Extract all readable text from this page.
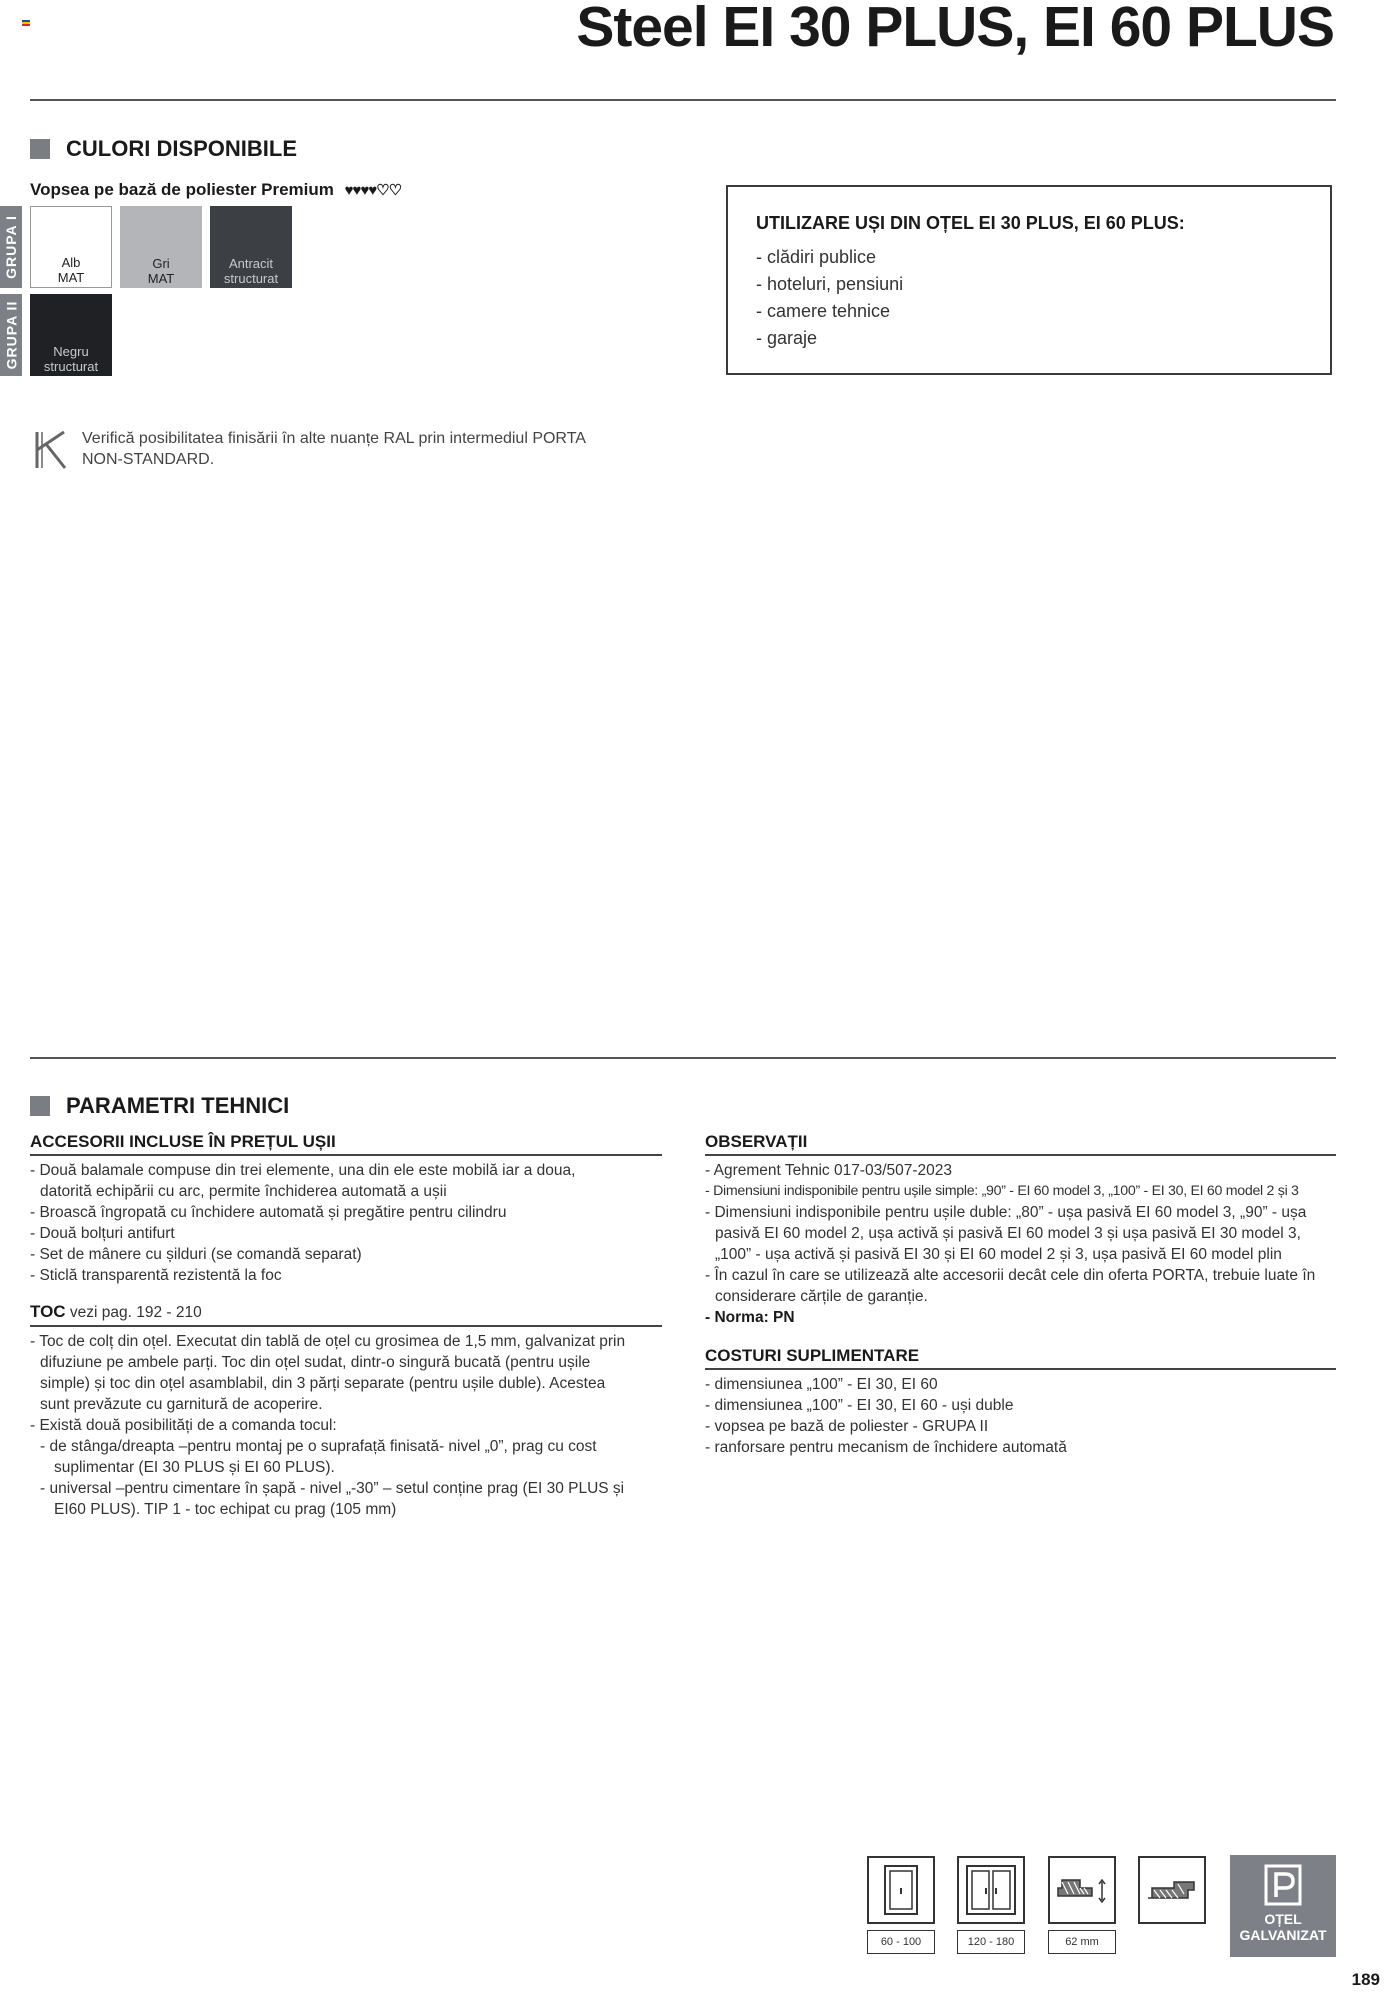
Steel EI 30 PLUS, EI 60 PLUS
CULORI DISPONIBILE
Vopsea pe bază de poliester Premium ♥♥♥♥♡♡
GRUPA I
GRUPA II
Alb
MAT
Gri
MAT
Antracit
structurat
Negru
structurat
UTILIZARE UȘI DIN OȚEL EI 30 PLUS, EI 60 PLUS:
- clădiri publice
- hoteluri, pensiuni
- camere tehnice
- garaje
Verifică posibilitatea finisării în alte nuanțe RAL prin intermediul PORTA NON-STANDARD.
PARAMETRI TEHNICI
ACCESORII INCLUSE ÎN PREȚUL UȘII
- Două balamale compuse din trei elemente, una din ele este mobilă iar a doua,
datorită echipării cu arc, permite închiderea automată a ușii
- Broască îngropată cu închidere automată și pregătire pentru cilindru
- Două bolțuri antifurt
- Set de mânere cu șilduri (se comandă separat)
- Sticlă transparentă rezistentă la foc
TOC vezi pag. 192 - 210
- Toc de colț din oțel. Executat din tablă de oțel cu grosimea de 1,5 mm, galvanizat prin
difuziune pe ambele parți. Toc din oțel sudat, dintr-o singură bucată (pentru ușile
simple) și toc din oțel asamblabil, din 3 părți separate (pentru ușile duble). Acestea
sunt prevăzute cu garnitură de acoperire.
- Există două posibilități de a comanda tocul:
- de stânga/dreapta –pentru montaj pe o suprafață finisată- nivel „0”, prag cu cost
suplimentar (EI 30 PLUS și EI 60 PLUS).
- universal –pentru cimentare în șapă - nivel „-30” – setul conține prag (EI 30 PLUS și
EI60 PLUS). TIP 1 - toc echipat cu prag (105 mm)
OBSERVAȚII
- Agrement Tehnic 017-03/507-2023
- Dimensiuni indisponibile pentru ușile simple: „90” - EI 60 model 3, „100” - EI 30, EI 60 model 2 și 3
- Dimensiuni indisponibile pentru ușile duble: „80” - ușa pasivă EI 60 model 3, „90” - ușa
pasivă EI 60 model 2, ușa activă și pasivă EI 60 model 3 și ușa pasivă EI 30 model 3,
„100” - ușa activă și pasivă EI 30 și EI 60 model 2 și 3, ușa pasivă EI 60 model plin
- În cazul în care se utilizează alte accesorii decât cele din oferta PORTA, trebuie luate în
considerare cărțile de garanție.
- Norma: PN
COSTURI SUPLIMENTARE
- dimensiunea „100” - EI 30, EI 60
- dimensiunea „100” - EI 30, EI 60 - uși duble
- vopsea pe bază de poliester - GRUPA II
- ranforsare pentru mecanism de închidere automată
60 - 100	120 - 180	62 mm
OȚEL
GALVANIZAT
189
